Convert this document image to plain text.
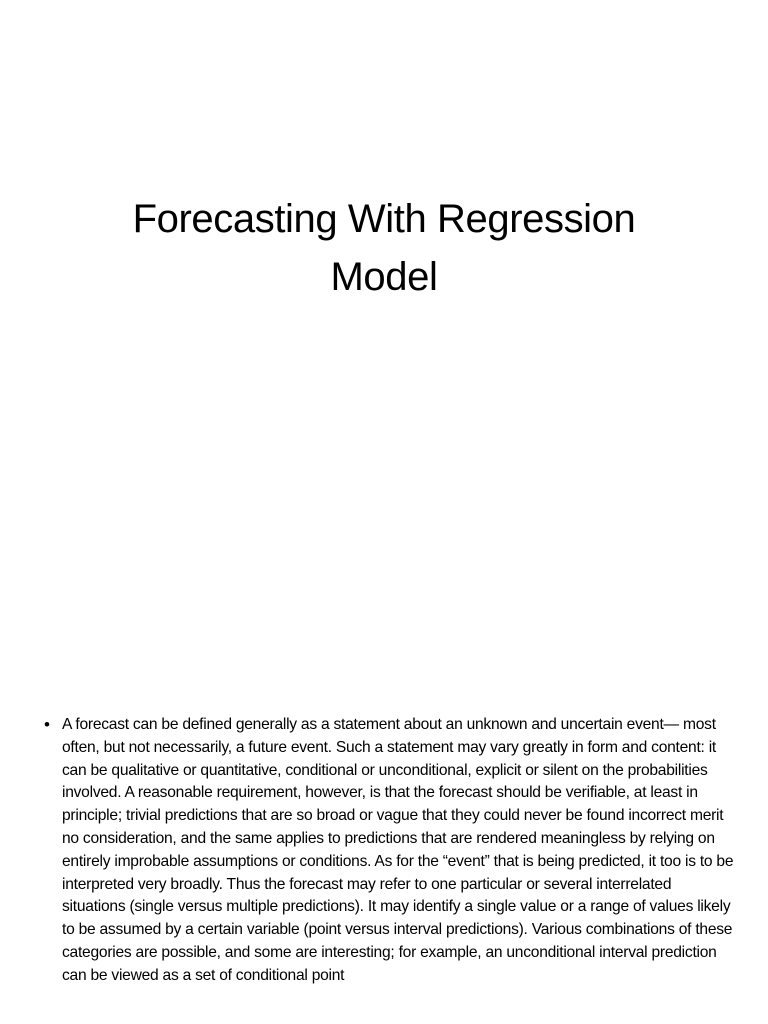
Forecasting With Regression
Model
• A forecast can be defined generally as a statement about an unknown and uncertain event— most often, but not necessarily, a future event. Such a statement may vary greatly in form and content: it can be qualitative or quantitative, conditional or unconditional, explicit or silent on the probabilities involved. A reasonable requirement, however, is that the forecast should be verifiable, at least in principle; trivial predictions that are so broad or vague that they could never be found incorrect merit no consideration, and the same applies to predictions that are rendered meaningless by relying on entirely improbable assumptions or conditions. As for the “event” that is being predicted, it too is to be interpreted very broadly. Thus the forecast may refer to one particular or several interrelated situations (single versus multiple predictions). It may identify a single value or a range of values likely to be assumed by a certain variable (point versus interval predictions). Various combinations of these categories are possible, and some are interesting; for example, an unconditional interval prediction can be viewed as a set of conditional point
